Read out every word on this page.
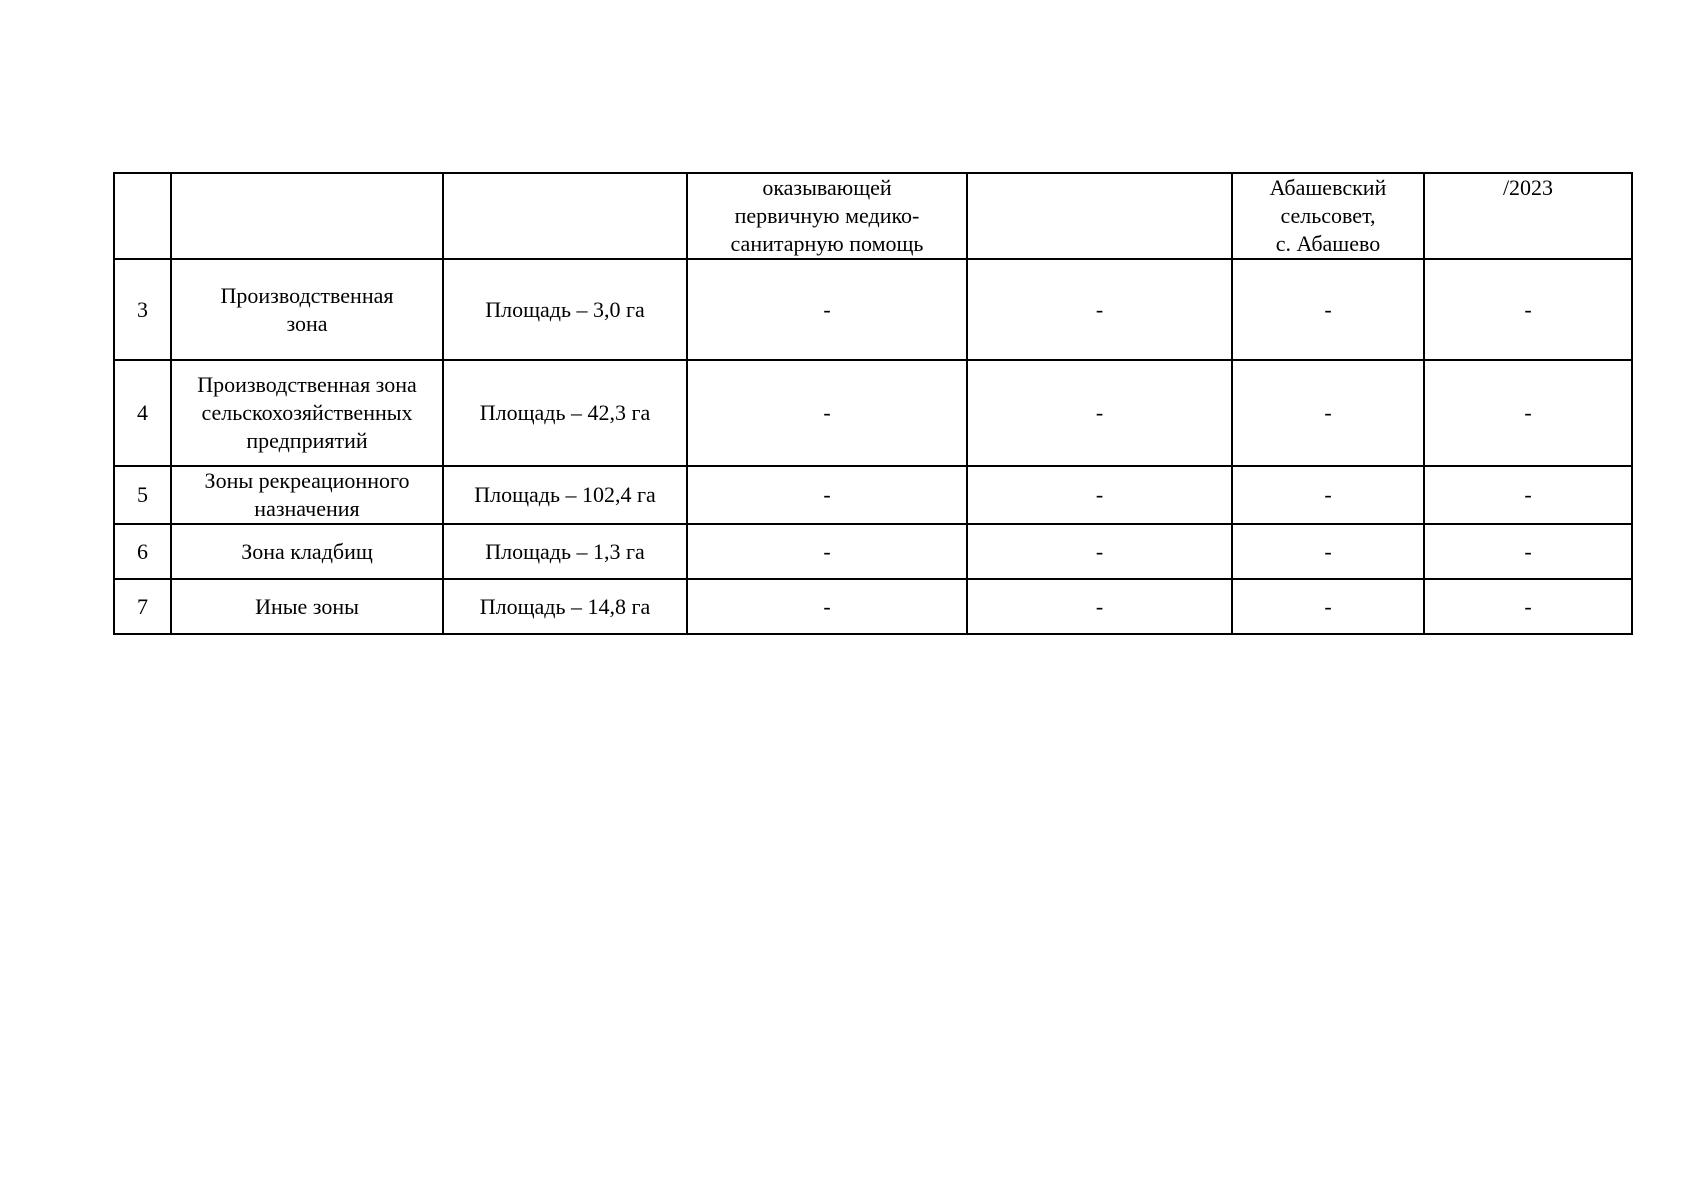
			оказывающей
первичную медико-
санитарную помощь		Абашевский
сельсовет,
с. Абашево	/2023
3	Производственная
зона	Площадь – 3,0 га	-	-	-	-
4	Производственная зона
сельскохозяйственных
предприятий	Площадь – 42,3 га	-	-	-	-
5	Зоны рекреационного
назначения	Площадь – 102,4 га	-	-	-	-
6	Зона кладбищ	Площадь – 1,3 га	-	-	-	-
7	Иные зоны	Площадь – 14,8 га	-	-	-	-
